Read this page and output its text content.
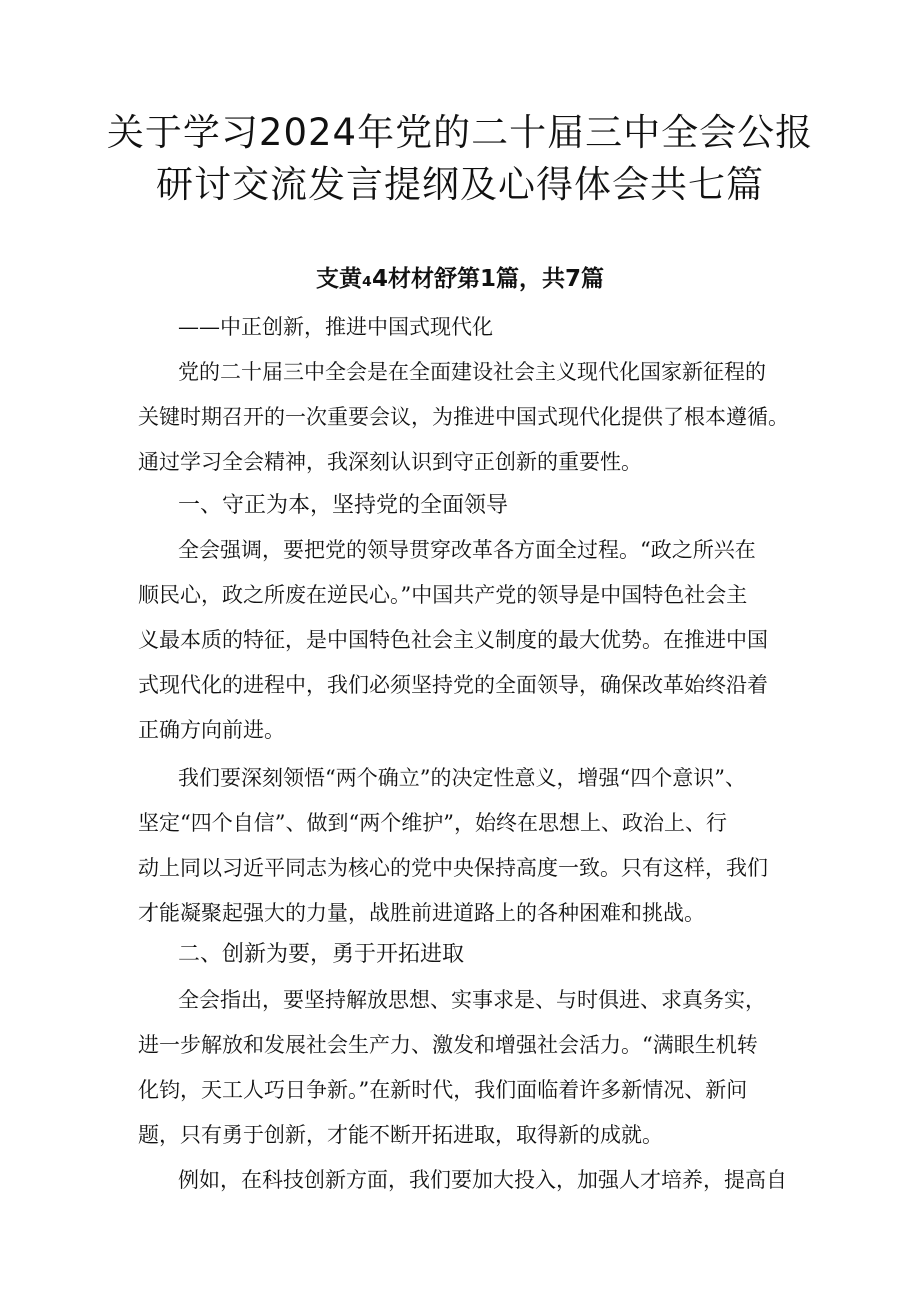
关于学习2024年党的二十届三中全会公报
研讨交流发言提纲及心得体会共七篇
支黄₄4材材舒第1篇，共7篇
——中正创新，推进中国式现代化
党的二十届三中全会是在全面建设社会主义现代化国家新征程的
关键时期召开的一次重要会议，为推进中国式现代化提供了根本遵循。
通过学习全会精神，我深刻认识到守正创新的重要性。
一、守正为本，坚持党的全面领导
全会强调，要把党的领导贯穿改革各方面全过程。“政之所兴在
顺民心，政之所废在逆民心。”中国共产党的领导是中国特色社会主
义最本质的特征，是中国特色社会主义制度的最大优势。在推进中国
式现代化的进程中，我们必须坚持党的全面领导，确保改革始终沿着
正确方向前进。
我们要深刻领悟“两个确立”的决定性意义，增强“四个意识”、
坚定“四个自信”、做到“两个维护”，始终在思想上、政治上、行
动上同以习近平同志为核心的党中央保持高度一致。只有这样，我们
才能凝聚起强大的力量，战胜前进道路上的各种困难和挑战。
二、创新为要，勇于开拓进取
全会指出，要坚持解放思想、实事求是、与时俱进、求真务实，
进一步解放和发展社会生产力、激发和增强社会活力。“满眼生机转
化钧，天工人巧日争新。”在新时代，我们面临着许多新情况、新问
题，只有勇于创新，才能不断开拓进取，取得新的成就。
例如，在科技创新方面，我们要加大投入，加强人才培养，提高自
